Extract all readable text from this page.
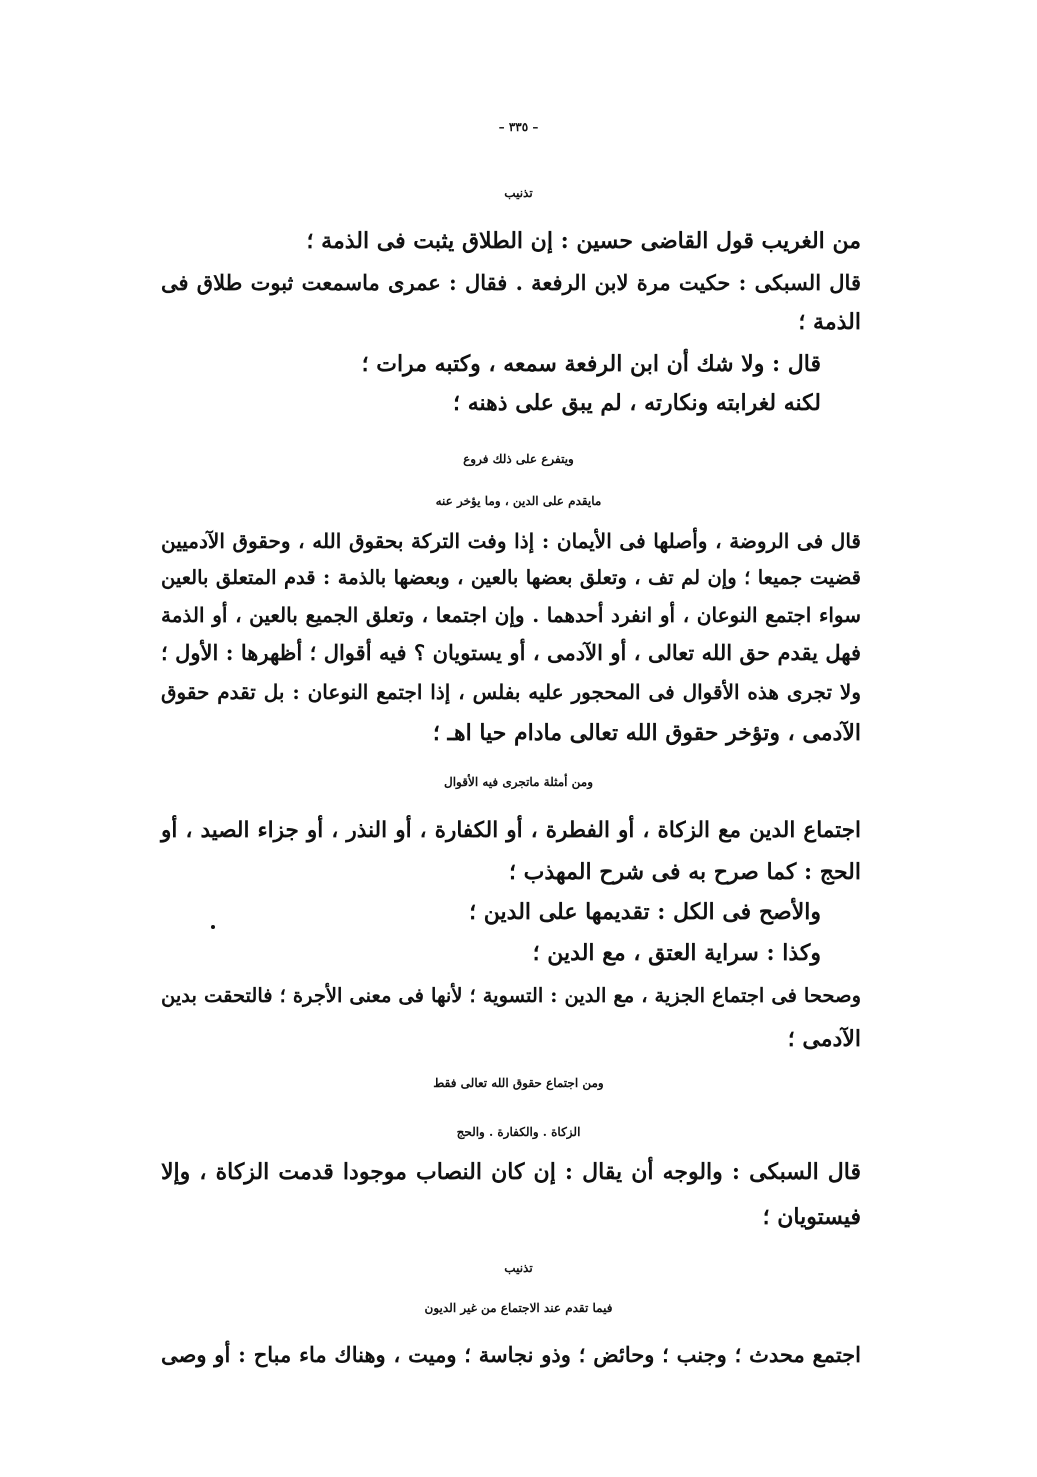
– ٣٣٥ –
تذنيب
من الغريب قول القاضى حسين : إن الطلاق يثبت فى الذمة ؛
قال السبكى : حكيت مرة لابن الرفعة . فقال : عمرى ماسمعت ثبوت طلاق فى
الذمة ؛
قال : ولا شك أن ابن الرفعة سمعه ، وكتبه مرات ؛
لكنه لغرابته ونكارته ، لم يبق على ذهنه ؛
ويتفرع على ذلك فروع
مايقدم على الدين ، وما يؤخر عنه
قال فى الروضة ، وأصلها فى الأيمان : إذا وفت التركة بحقوق الله ، وحقوق الآدميين
قضيت جميعا ؛ وإن لم تف ، وتعلق بعضها بالعين ، وبعضها بالذمة : قدم المتعلق بالعين
سواء اجتمع النوعان ، أو انفرد أحدهما . وإن اجتمعا ، وتعلق الجميع بالعين ، أو الذمة
فهل يقدم حق الله تعالى ، أو الآدمى ، أو يستويان ؟ فيه أقوال ؛ أظهرها : الأول ؛
ولا تجرى هذه الأقوال فى المحجور عليه بفلس ، إذا اجتمع النوعان : بل تقدم حقوق
الآدمى ، وتؤخر حقوق الله تعالى مادام حيا اهـ ؛
ومن أمثلة ماتجرى فيه الأقوال
اجتماع الدين مع الزكاة ، أو الفطرة ، أو الكفارة ، أو النذر ، أو جزاء الصيد ، أو
الحج : كما صرح به فى شرح المهذب ؛
والأصح فى الكل : تقديمها على الدين ؛
وكذا : سراية العتق ، مع الدين ؛
وصححا فى اجتماع الجزية ، مع الدين : التسوية ؛ لأنها فى معنى الأجرة ؛ فالتحقت بدين
الآدمى ؛
ومن اجتماع حقوق الله تعالى فقط
الزكاة . والكفارة . والحج
قال السبكى : والوجه أن يقال : إن كان النصاب موجودا قدمت الزكاة ، وإلا
فيستويان ؛
تذنيب
فيما تقدم عند الاجتماع من غير الديون
اجتمع محدث ؛ وجنب ؛ وحائض ؛ وذو نجاسة ؛ وميت ، وهناك ماء مباح : أو وصى
